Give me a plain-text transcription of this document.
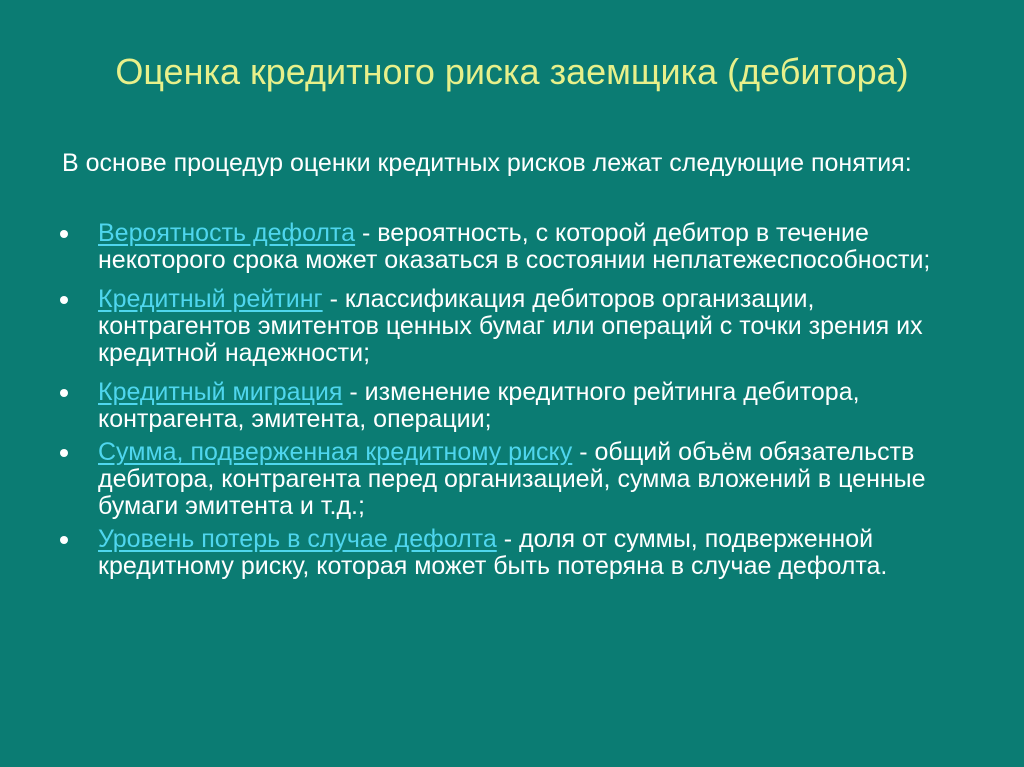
Оценка кредитного риска заемщика (дебитора)
В основе процедур оценки кредитных рисков лежат следующие понятия:
Вероятность дефолта - вероятность, с которой дебитор в течение некоторого срока может оказаться в состоянии неплатежеспособности;
Кредитный рейтинг - классификация дебиторов организации, контрагентов эмитентов ценных бумаг или операций с точки зрения их кредитной надежности;
Кредитный миграция - изменение кредитного рейтинга дебитора, контрагента, эмитента, операции;
Сумма, подверженная кредитному риску - общий объём обязательств дебитора, контрагента перед организацией, сумма вложений в ценные бумаги эмитента и т.д.;
Уровень потерь в случае дефолта - доля от суммы, подверженной кредитному риску, которая может быть потеряна в случае дефолта.
